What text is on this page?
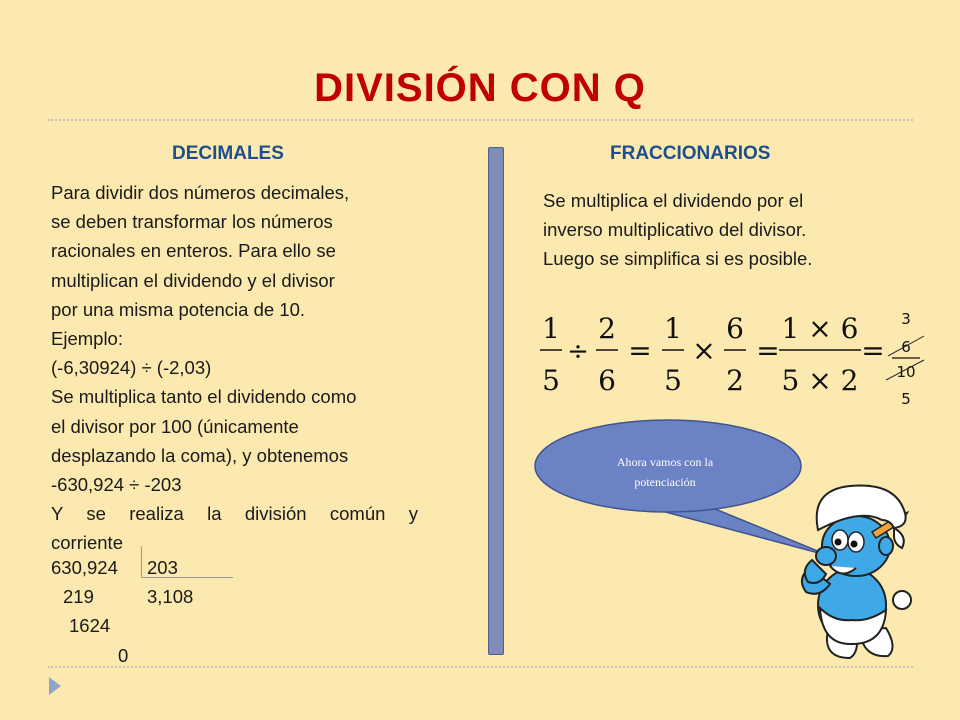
DIVISIÓN CON Q
DECIMALES	FRACCIONARIOS
Para dividir dos números decimales,
se deben transformar los números
racionales en enteros. Para ello se
multiplican el dividendo y el divisor
por una misma potencia de 10.
Ejemplo:
(-6,30924) ÷ (-2,03)
Se multiplica tanto el dividendo como
el divisor por 100 (únicamente
desplazando la coma), y obtenemos
-630,924 ÷ -203
Y se realiza la división común y
corriente
630,924 203
219	3,108
1624
0
Se multiplica el dividendo por el
inverso multiplicativo del divisor.
Luego se simplifica si es posible.
1
5
÷
2
6
=
1
5
×
6
2
=
1 × 6
5 × 2
=
3
6
10
5
Ahora vamos con la
potenciación
